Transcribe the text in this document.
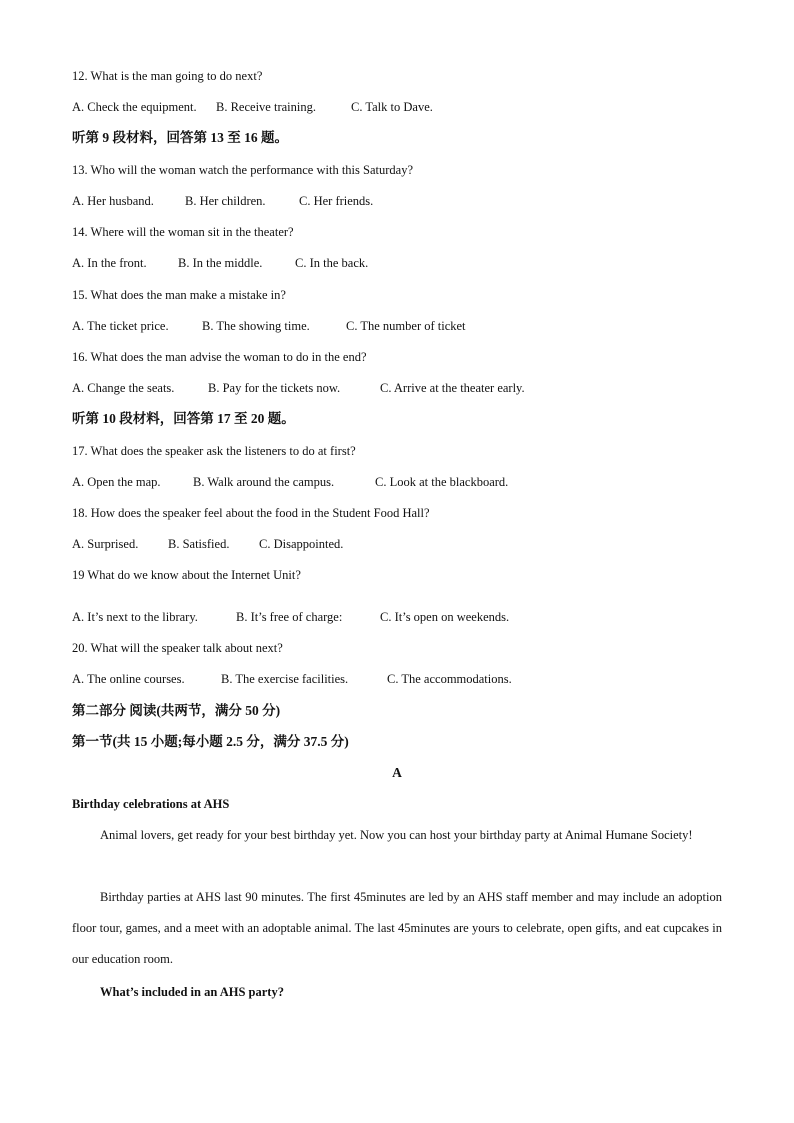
12. What is the man going to do next?
A. Check the equipment. B. Receive training.	C. Talk to Dave.
听第 9 段材料，回答第 13 至 16 题。
13. Who will the woman watch the performance with this Saturday?
A. Her husband. B. Her children.	C. Her friends.
14. Where will the woman sit in the theater?
A. In the front.	B. In the middle.	C. In the back.
15. What does the man make a mistake in?
A. The ticket price.	B. The showing time.	C. The number of ticket
16. What does the man advise the woman to do in the end?
A. Change the seats.	B. Pay for the tickets now.	C. Arrive at the theater early.
听第 10 段材料，回答第 17 至 20 题。
17. What does the speaker ask the listeners to do at first?
A. Open the map.	B. Walk around the campus.	C. Look at the blackboard.
18. How does the speaker feel about the food in the Student Food Hall?
A. Surprised. B. Satisfied. C. Disappointed.
19 What do we know about the Internet Unit?
A. It’s next to the library.	B. It’s free of charge:	C. It’s open on weekends.
20. What will the speaker talk about next?
A. The online courses.	B. The exercise facilities.	C. The accommodations.
第二部分 阅读(共两节，满分 50 分)
第一节(共 15 小题;每小题 2.5 分，满分 37.5 分)
A
Birthday celebrations at AHS
Animal lovers, get ready for your best birthday yet. Now you can host your birthday party at Animal Humane Society!
Birthday parties at AHS last 90 minutes. The first 45minutes are led by an AHS staff member and may include an adoption floor tour, games, and a meet with an adoptable animal. The last 45minutes are yours to celebrate, open gifts, and eat cupcakes in our education room.
What’s included in an AHS party?
